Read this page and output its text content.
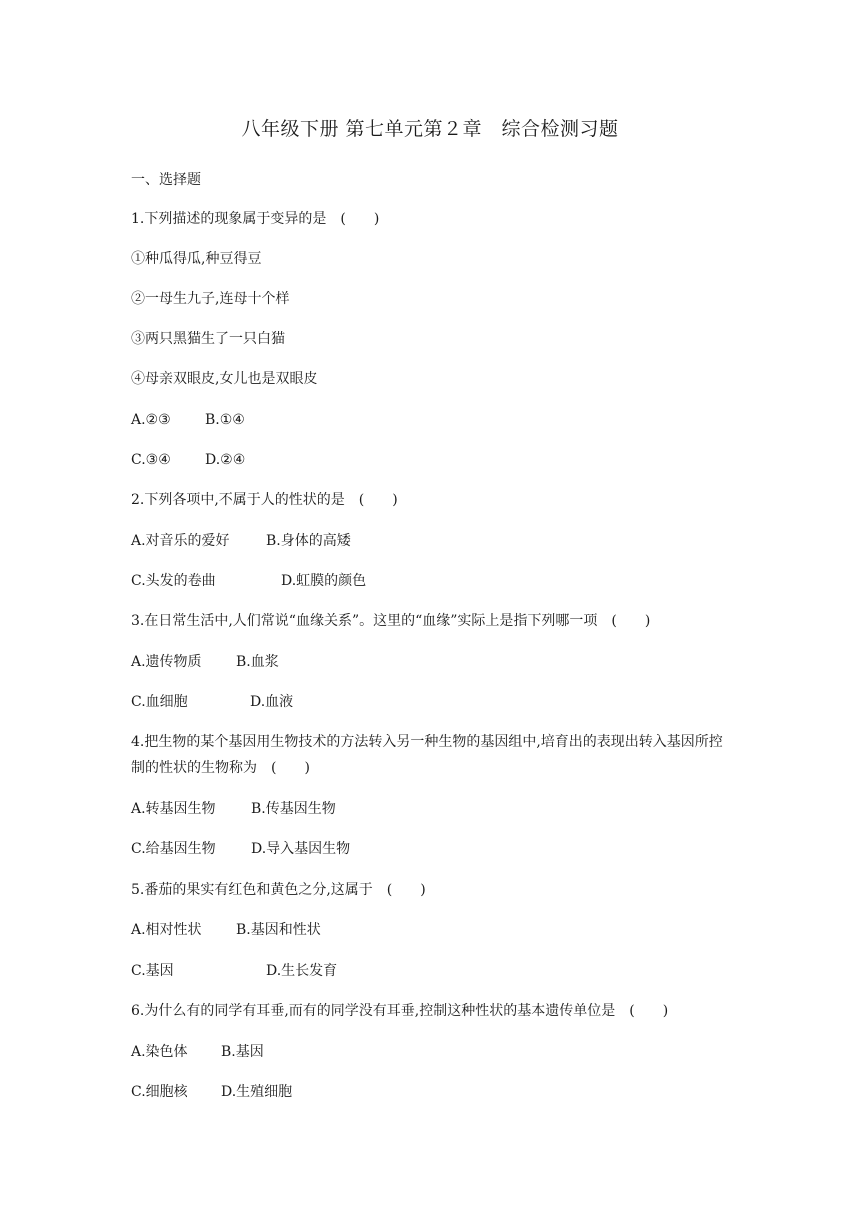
八年级下册 第七单元第２章　综合检测习题
一、选择题
1.下列描述的现象属于变异的是　(　　)
①种瓜得瓜,种豆得豆
②一母生九子,连母十个样
③两只黑猫生了一只白猫
④母亲双眼皮,女儿也是双眼皮
A.②③ B.①④
C.③④ D.②④
2.下列各项中,不属于人的性状的是　(　　)
A.对音乐的爱好	B.身体的高矮
C.头发的卷曲	D.虹膜的颜色
3.在日常生活中,人们常说“血缘关系”。这里的“血缘”实际上是指下列哪一项　(　　)
A.遗传物质 B.血浆
C.血细胞	D.血液
4.把生物的某个基因用生物技术的方法转入另一种生物的基因组中,培育出的表现出转入基因所控制的性状的生物称为　(　　)
A.转基因生物	B.传基因生物
C.给基因生物	D.导入基因生物
5.番茄的果实有红色和黄色之分,这属于　(　　)
A.相对性状 B.基因和性状
C.基因	D.生长发育
6.为什么有的同学有耳垂,而有的同学没有耳垂,控制这种性状的基本遗传单位是　(　　)
A.染色体 B.基因
C.细胞核 D.生殖细胞
